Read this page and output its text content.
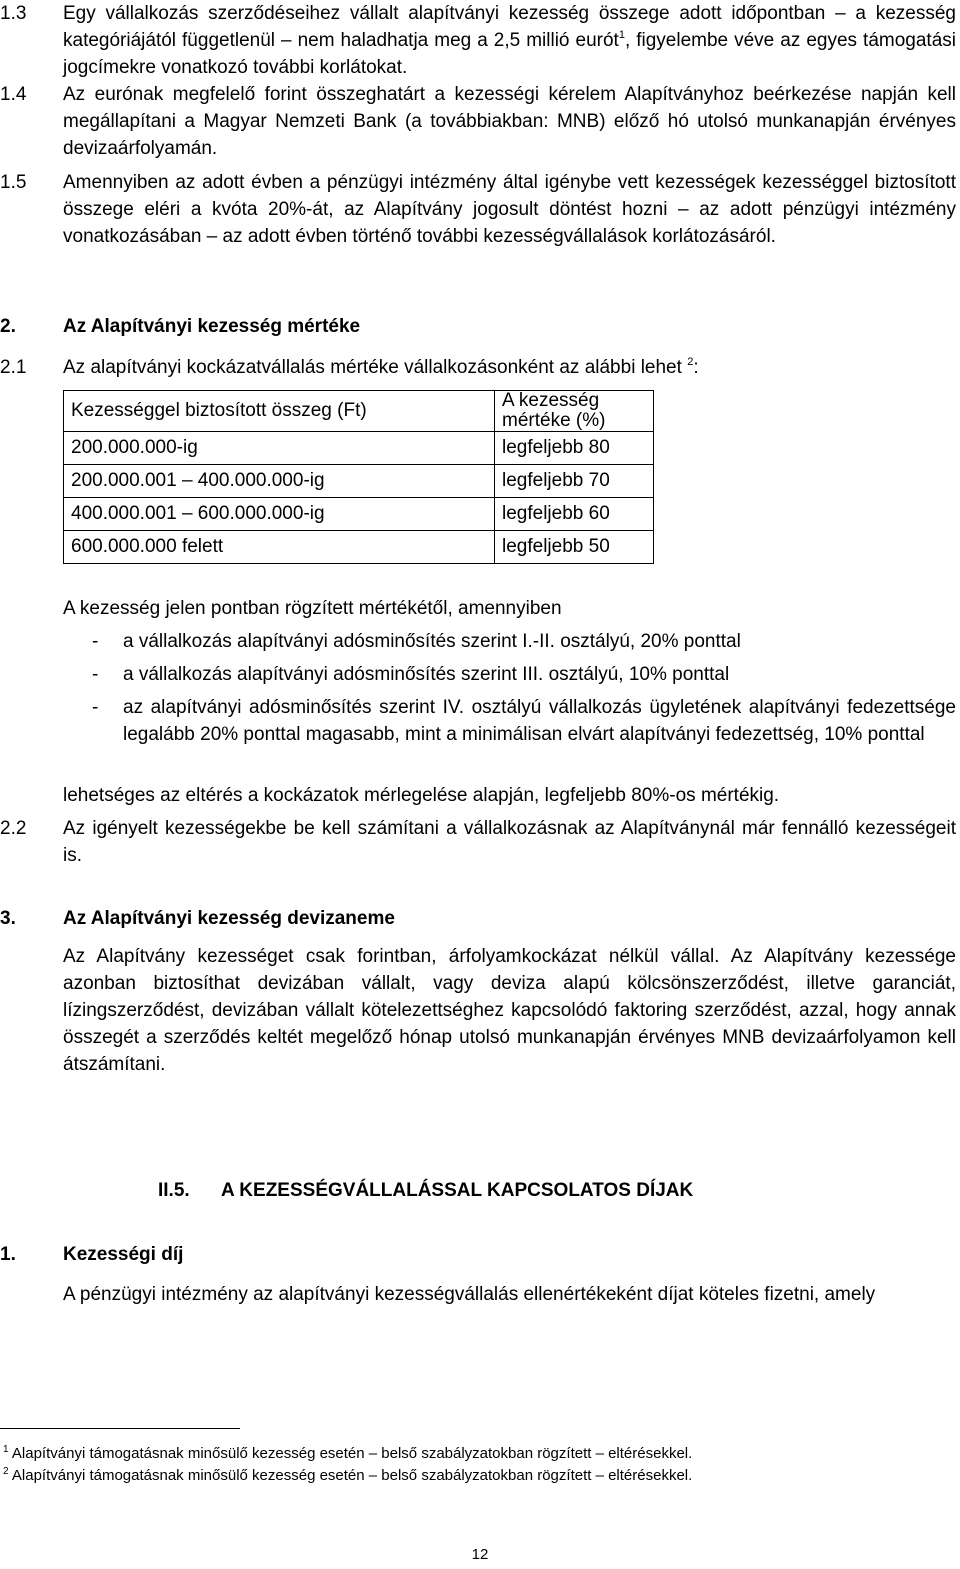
1.3 Egy vállalkozás szerződéseihez vállalt alapítványi kezesség összege adott időpontban – a kezesség kategóriájától függetlenül – nem haladhatja meg a 2,5 millió eurót$^1$, figyelembe véve az egyes támogatási jogcímekre vonatkozó további korlátokat.

1.4 Az eurónak megfelelő forint összeghatárt a kezességi kérelem Alapítványhoz beérkezése napján kell megállapítani a Magyar Nemzeti Bank (a továbbiakban: MNB) előző hó utolsó munkanapján érvényes devizaárfolyamán.

1.5 Amennyiben az adott évben a pénzügyi intézmény által igénybe vett kezességek kezességgel biztosított összege eléri a kvóta 20%-át, az Alapítvány jogosult döntést hozni – az adott pénzügyi intézmény vonatkozásában – az adott évben történő további kezességvállalások korlátozásáról.

2. Az Alapítványi kezesség mértéke
2.1 Az alapítványi kockázatvállalás mértéke vállalkozásonként az alábbi lehet $^2$:

Kezességgel biztosított összeg (Ft)	A kezesség mértéke (%)
200.000.000-ig	legfeljebb 80
200.000.001 – 400.000.000-ig	legfeljebb 70
400.000.001 – 600.000.000-ig	legfeljebb 60
600.000.000 felett	legfeljebb 50
A kezesség jelen pontban rögzített mértékétől, amennyiben
- a vállalkozás alapítványi adósminősítés szerint I.-II. osztályú, 20% ponttal
- a vállalkozás alapítványi adósminősítés szerint III. osztályú, 10% ponttal
- az alapítványi adósminősítés szerint IV. osztályú vállalkozás ügyletének alapítványi fedezettsége legalább 20% ponttal magasabb, mint a minimálisan elvárt alapítványi fedezettség, 10% ponttal

lehetséges az eltérés a kockázatok mérlegelése alapján, legfeljebb 80%-os mértékig.
2.2 Az igényelt kezességekbe be kell számítani a vállalkozásnak az Alapítványnál már fennálló kezességeit is.

3. Az Alapítványi kezesség devizaneme

Az Alapítvány kezességet csak forintban, árfolyamkockázat nélkül vállal. Az Alapítvány kezessége azonban biztosíthat devizában vállalt, vagy deviza alapú kölcsönszerződést, illetve garanciát, lízingszerződést, devizában vállalt kötelezettséghez kapcsolódó faktoring szerződést, azzal, hogy annak összegét a szerződés keltét megelőző hónap utolsó munkanapján érvényes MNB devizaárfolyamon kell átszámítani.

II.5. A KEZESSÉGVÁLLALÁSSAL KAPCSOLATOS DÍJAK
1. Kezességi díj

A pénzügyi intézmény az alapítványi kezességvállalás ellenértékeként díjat köteles fizetni, amely

$^1$ Alapítványi támogatásnak minősülő kezesség esetén – belső szabályzatokban rögzített – eltérésekkel.
$^2$ Alapítványi támogatásnak minősülő kezesség esetén – belső szabályzatokban rögzített – eltérésekkel.
12
